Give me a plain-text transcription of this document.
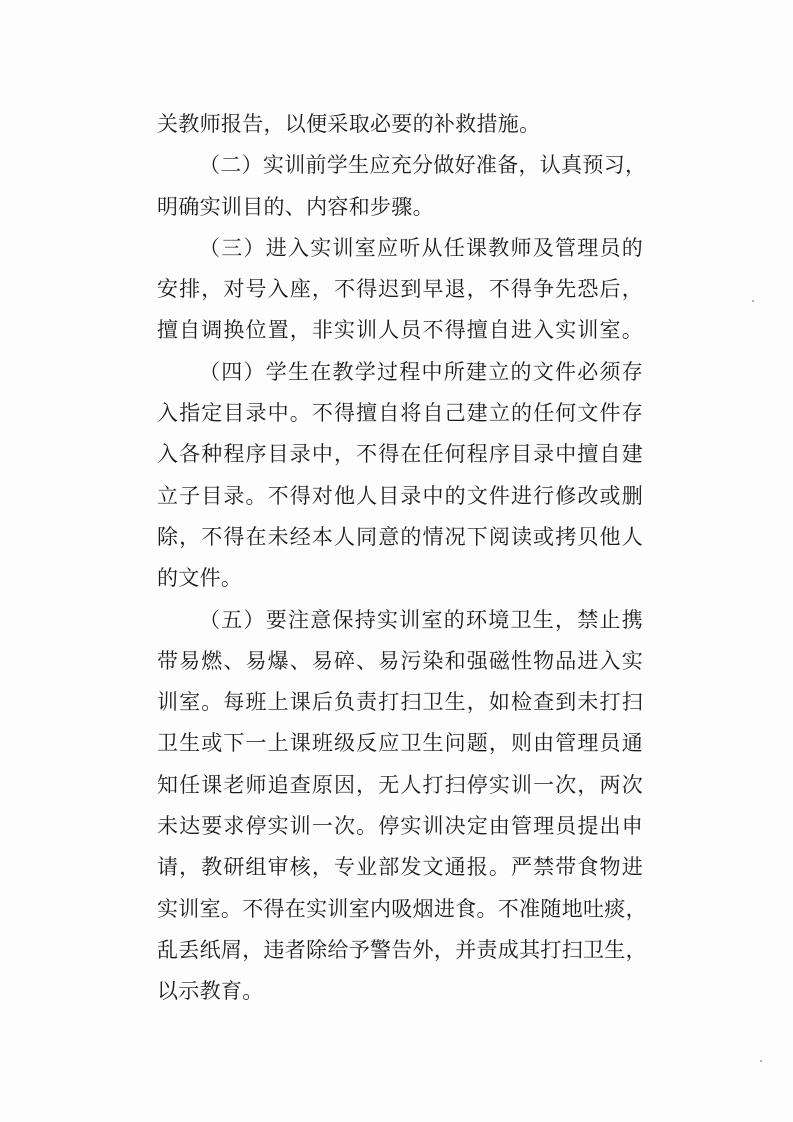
关教师报告，以便采取必要的补救措施。
（二）实训前学生应充分做好准备，认真预习，
明确实训目的、内容和步骤。
（三）进入实训室应听从任课教师及管理员的
安排，对号入座，不得迟到早退，不得争先恐后，
擅自调换位置，非实训人员不得擅自进入实训室。
（四）学生在教学过程中所建立的文件必须存
入指定目录中。不得擅自将自己建立的任何文件存
入各种程序目录中，不得在任何程序目录中擅自建
立子目录。不得对他人目录中的文件进行修改或删
除，不得在未经本人同意的情况下阅读或拷贝他人
的文件。
（五）要注意保持实训室的环境卫生，禁止携
带易燃、易爆、易碎、易污染和强磁性物品进入实
训室。每班上课后负责打扫卫生，如检查到未打扫
卫生或下一上课班级反应卫生问题，则由管理员通
知任课老师追查原因，无人打扫停实训一次，两次
未达要求停实训一次。停实训决定由管理员提出申
请，教研组审核，专业部发文通报。严禁带食物进
实训室。不得在实训室内吸烟进食。不准随地吐痰，
乱丢纸屑，违者除给予警告外，并责成其打扫卫生，
以示教育。
